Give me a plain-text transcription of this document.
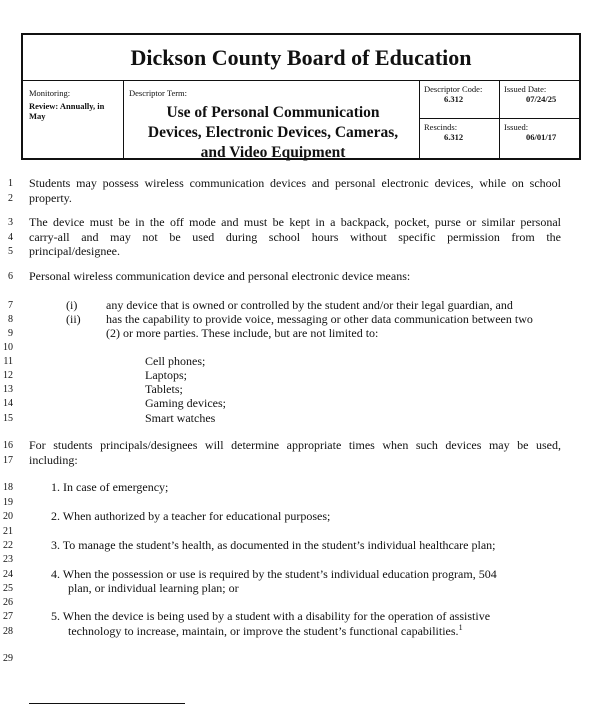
Dickson County Board of Education
Monitoring:
Review: Annually, in May
Descriptor Term:
Use of Personal Communication
Devices, Electronic Devices, Cameras,
and Video Equipment
Descriptor Code:
6.312
Issued Date:
07/24/25
Rescinds:
6.312
Issued:
06/01/17
1
2
3
4
5
6
7
8
9
10
11
12
13
14
15
16
17
18
19
20
21
22
23
24
25
26
27
28
29
Students may possess wireless communication devices and personal electronic devices, while on school
property.
The device must be in the off mode and must be kept in a backpack, pocket, purse or similar personal
carry-all and may not be used during school hours without specific permission from the
principal/designee.
Personal wireless communication device and personal electronic device means:
(i) any device that is owned or controlled by the student and/or their legal guardian, and
(ii) has the capability to provide voice, messaging or other data communication between two
(2) or more parties. These include, but are not limited to:
Cell phones;
Laptops;
Tablets;
Gaming devices;
Smart watches
For students principals/designees will determine appropriate times when such devices may be used,
including:
1. In case of emergency;
2. When authorized by a teacher for educational purposes;
3. To manage the student’s health, as documented in the student’s individual healthcare plan;
4. When the possession or use is required by the student’s individual education program, 504
plan, or individual learning plan; or
5. When the device is being used by a student with a disability for the operation of assistive
technology to increase, maintain, or improve the student’s functional capabilities.$^1$
